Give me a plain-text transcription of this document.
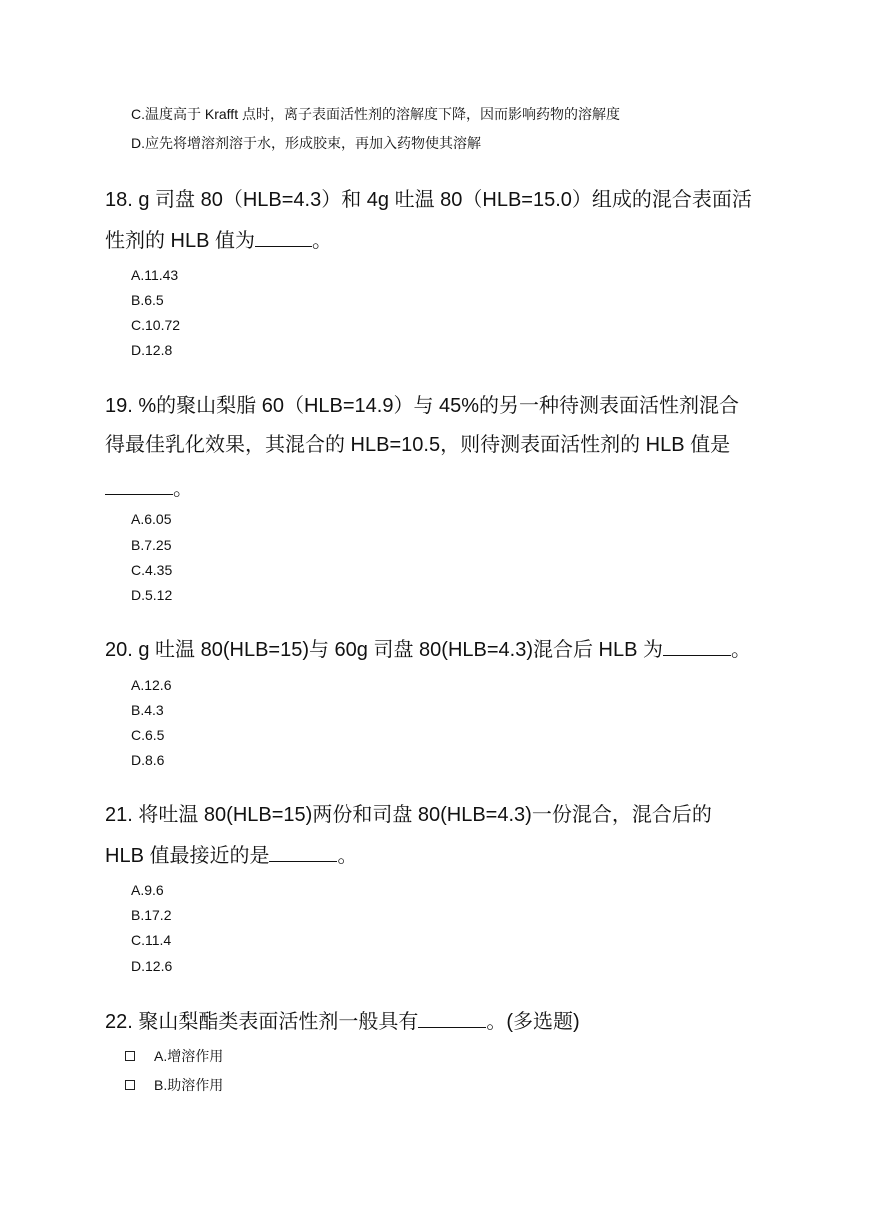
C.温度高于 Krafft 点时，离子表面活性剂的溶解度下降，因而影响药物的溶解度
D.应先将增溶剂溶于水，形成胶束，再加入药物使其溶解
18. g 司盘 80（HLB=4.3）和 4g 吐温 80（HLB=15.0）组成的混合表面活
性剂的 HLB 值为	。
A.11.43
B.6.5
C.10.72
D.12.8
19. %的聚山梨脂 60（HLB=14.9）与 45%的另一种待测表面活性剂混合
得最佳乳化效果，其混合的 HLB=10.5，则待测表面活性剂的 HLB 值是
。
A.6.05
B.7.25
C.4.35
D.5.12
20. g 吐温 80(HLB=15)与 60g 司盘 80(HLB=4.3)混合后 HLB 为	。
A.12.6
B.4.3
C.6.5
D.8.6
21. 将吐温 80(HLB=15)两份和司盘 80(HLB=4.3)一份混合，混合后的
HLB 值最接近的是	。
A.9.6
B.17.2
C.11.4
D.12.6
22. 聚山梨酯类表面活性剂一般具有	。(多选题)
A.增溶作用
B.助溶作用
